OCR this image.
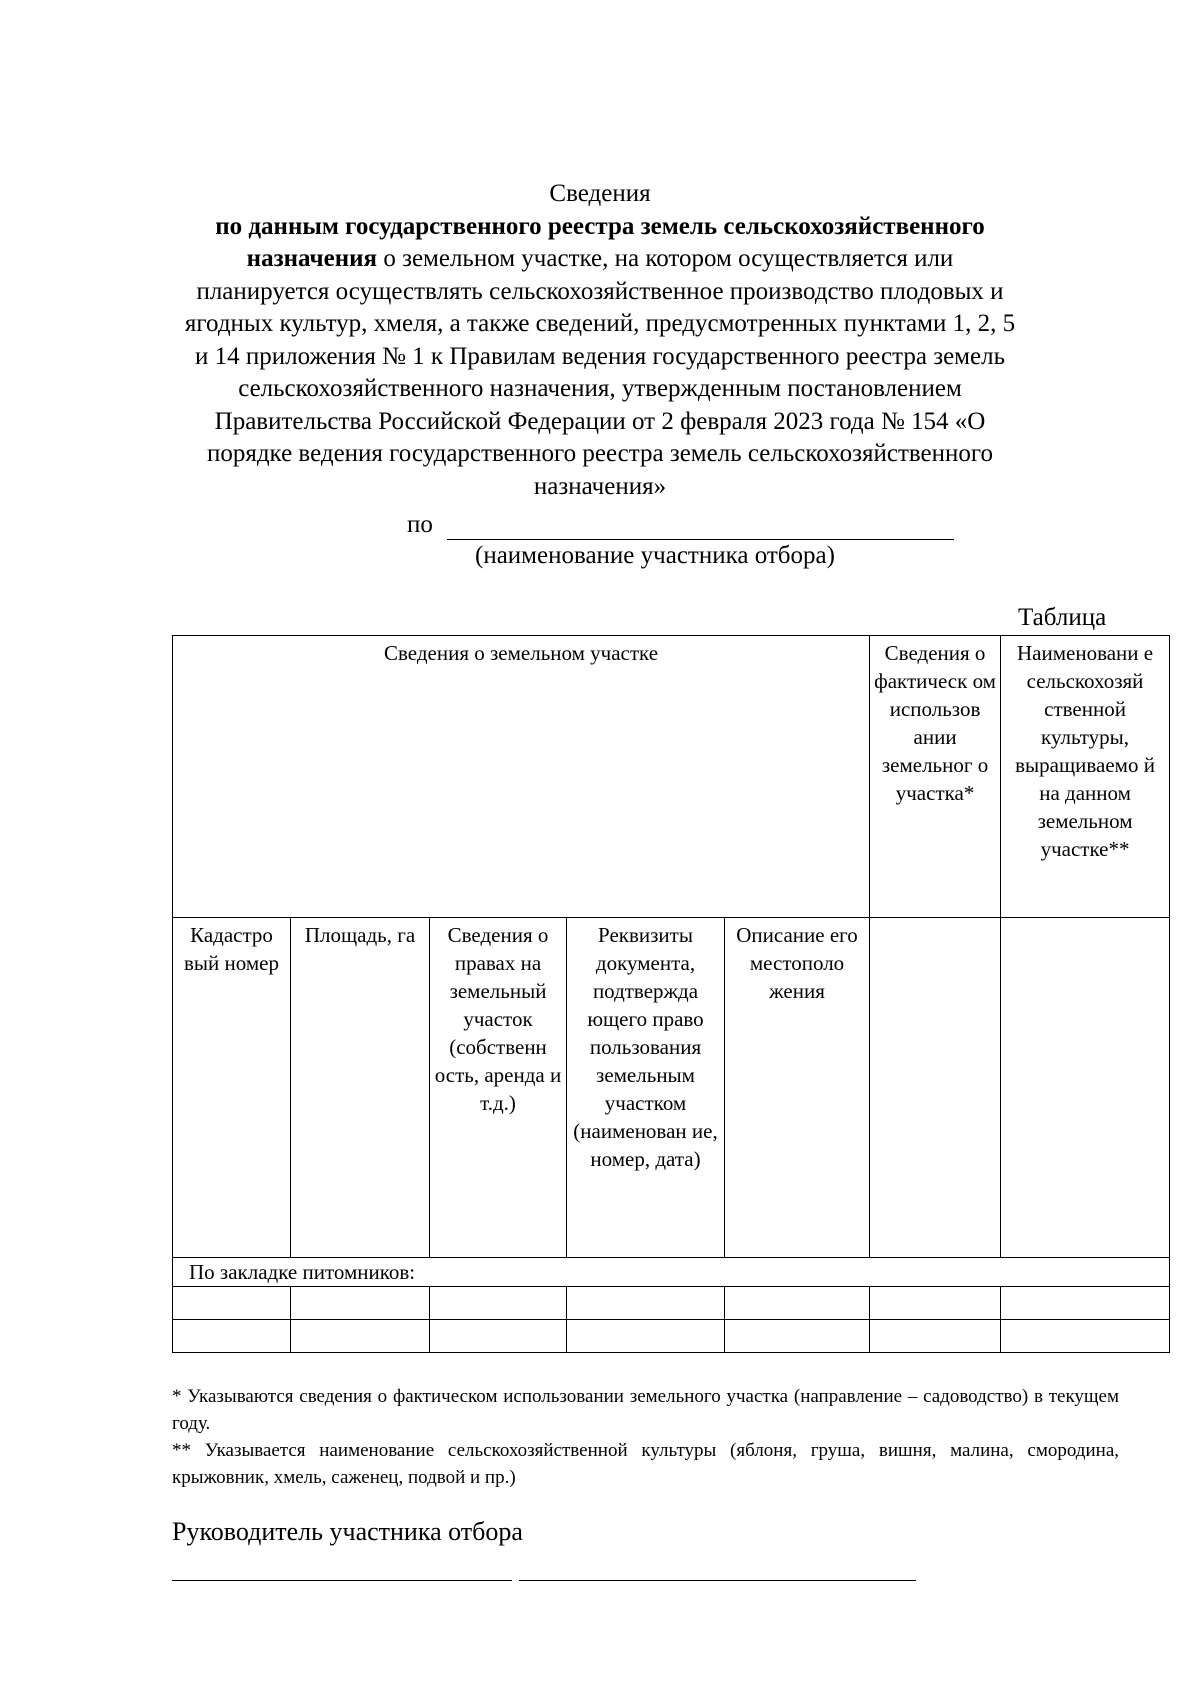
Сведения
по данным государственного реестра земель сельскохозяйственного
назначения о земельном участке, на котором осуществляется или
планируется осуществлять сельскохозяйственное производство плодовых и
ягодных культур, хмеля, а также сведений, предусмотренных пунктами 1, 2, 5
и 14 приложения № 1 к Правилам ведения государственного реестра земель
сельскохозяйственного назначения, утвержденным постановлением
Правительства Российской Федерации от 2 февраля 2023 года № 154 «О
порядке ведения государственного реестра земель сельскохозяйственного
назначения»
по
(наименование участника отбора)
Таблица
Сведения о земельном участке					Сведения о фактическ ом использов ании земельног о участка*	Наименовани е сельскохозяй ственной культуры, выращиваемо й на данном земельном участке**
Кадастро вый номер	Площадь, га	Сведения о правах на земельный участок (собственн ость, аренда и т.д.)	Реквизиты документа, подтвержда ющего право пользования земельным участком (наименован ие, номер, дата)	Описание его местополо жения		
По закладке питомников:						

* Указываются сведения о фактическом использовании земельного участка (направление – садоводство) в текущем году.

** Указывается наименование сельскохозяйственной культуры (яблоня, груша, вишня, малина, смородина, крыжовник, хмель, саженец, подвой и пр.)

Руководитель участника отбора
